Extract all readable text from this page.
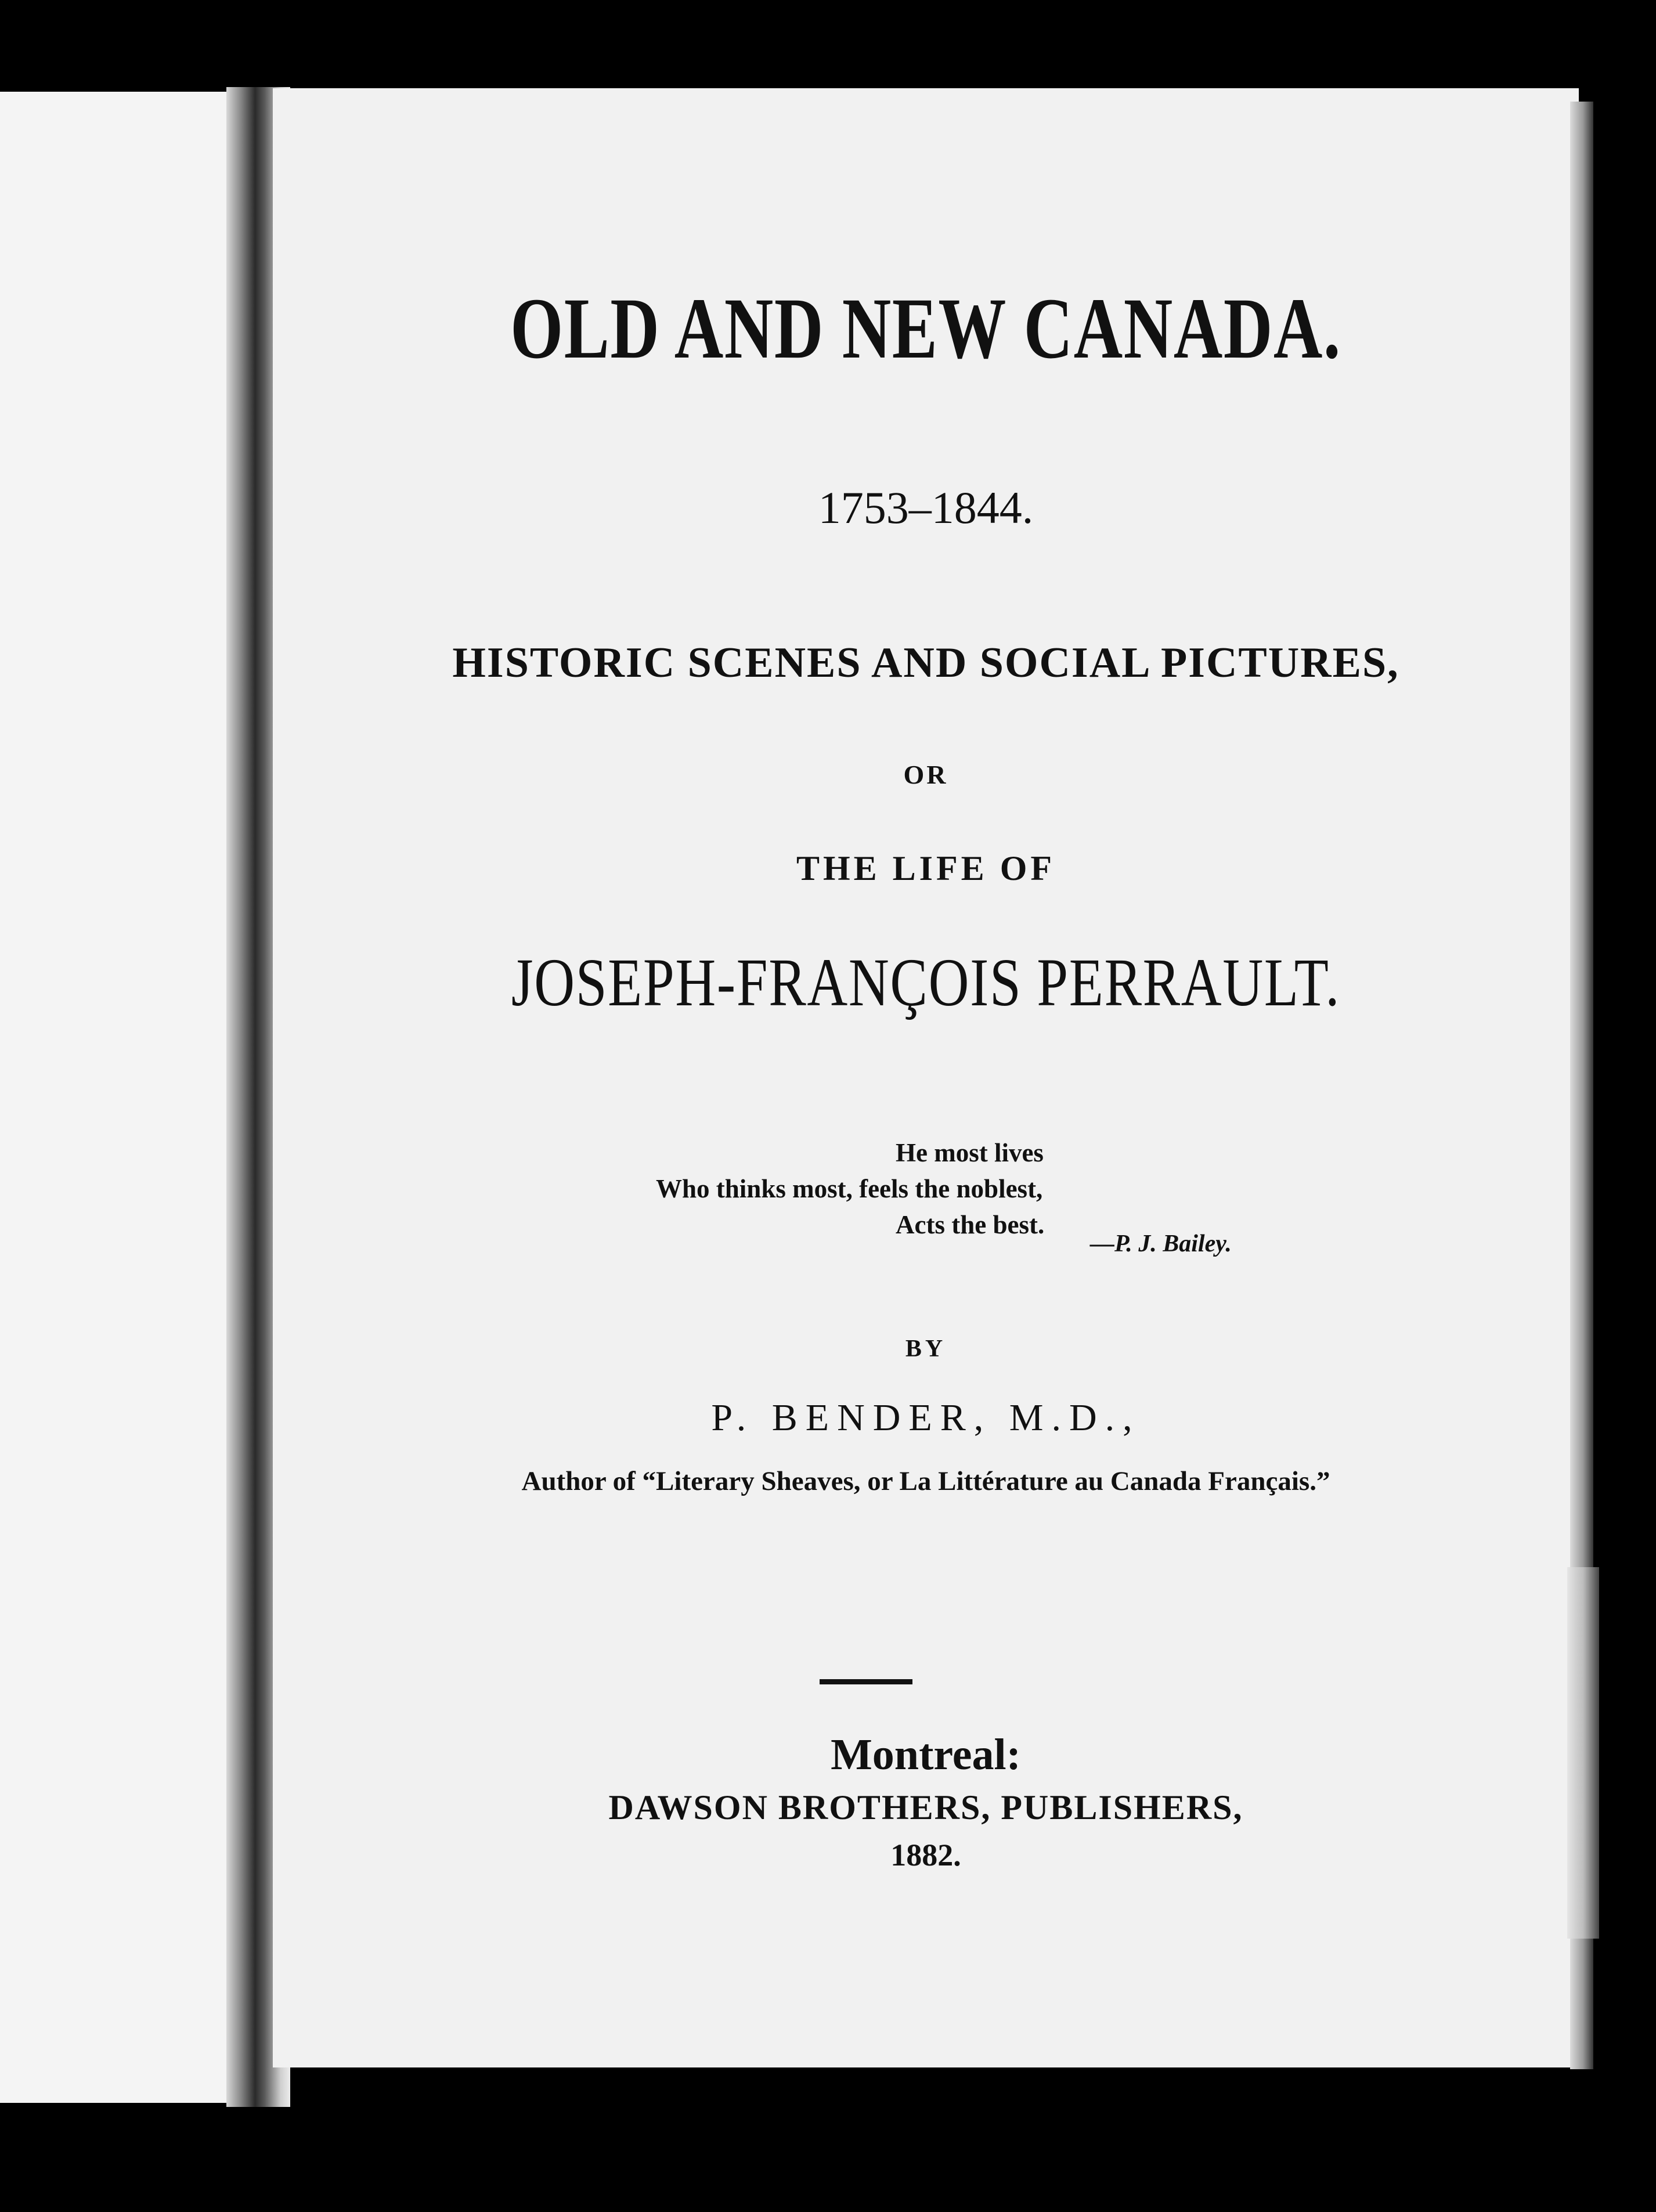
OLD AND NEW CANADA.
1753–1844.
HISTORIC SCENES AND SOCIAL PICTURES,
OR
THE LIFE OF
JOSEPH-FRANÇOIS PERRAULT.
He most lives
Who thinks most, feels the noblest,
Acts the best.
—P. J. Bailey.
BY
P. BENDER, M.D.,
Author of “Literary Sheaves, or La Littérature au Canada Français.”
Montreal:
DAWSON BROTHERS, PUBLISHERS,
1882.
